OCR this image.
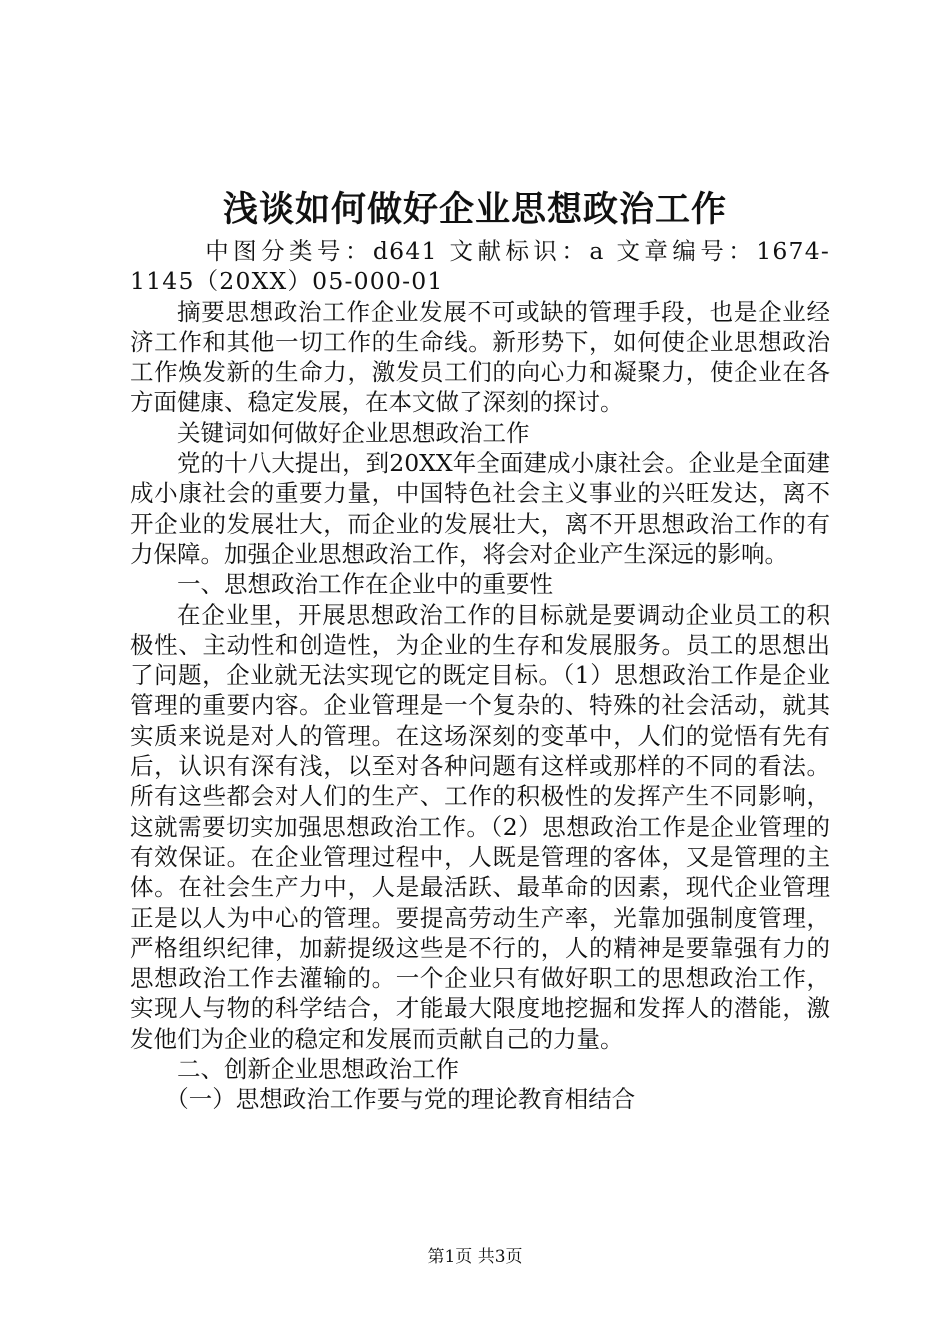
浅谈如何做好企业思想政治工作

中图分类号：d641 文献标识：a 文章编号：1674-1145（20XX）05-000-01

摘要思想政治工作企业发展不可或缺的管理手段，也是企业经济工作和其他一切工作的生命线。新形势下，如何使企业思想政治工作焕发新的生命力，激发员工们的向心力和凝聚力，使企业在各方面健康、稳定发展，在本文做了深刻的探讨。

关键词如何做好企业思想政治工作

党的十八大提出，到20XX年全面建成小康社会。企业是全面建成小康社会的重要力量，中国特色社会主义事业的兴旺发达，离不开企业的发展壮大，而企业的发展壮大，离不开思想政治工作的有力保障。加强企业思想政治工作，将会对企业产生深远的影响。

一、思想政治工作在企业中的重要性

在企业里，开展思想政治工作的目标就是要调动企业员工的积极性、主动性和创造性，为企业的生存和发展服务。员工的思想出了问题，企业就无法实现它的既定目标。（1）思想政治工作是企业管理的重要内容。企业管理是一个复杂的、特殊的社会活动，就其实质来说是对人的管理。在这场深刻的变革中，人们的觉悟有先有后，认识有深有浅，以至对各种问题有这样或那样的不同的看法。所有这些都会对人们的生产、工作的积极性的发挥产生不同影响，这就需要切实加强思想政治工作。（2）思想政治工作是企业管理的有效保证。在企业管理过程中，人既是管理的客体，又是管理的主体。在社会生产力中，人是最活跃、最革命的因素，现代企业管理正是以人为中心的管理。要提高劳动生产率，光靠加强制度管理，严格组织纪律，加薪提级这些是不行的，人的精神是要靠强有力的思想政治工作去灌输的。一个企业只有做好职工的思想政治工作，实现人与物的科学结合，才能最大限度地挖掘和发挥人的潜能，激发他们为企业的稳定和发展而贡献自己的力量。

二、创新企业思想政治工作

（一）思想政治工作要与党的理论教育相结合

第1页 共3页
